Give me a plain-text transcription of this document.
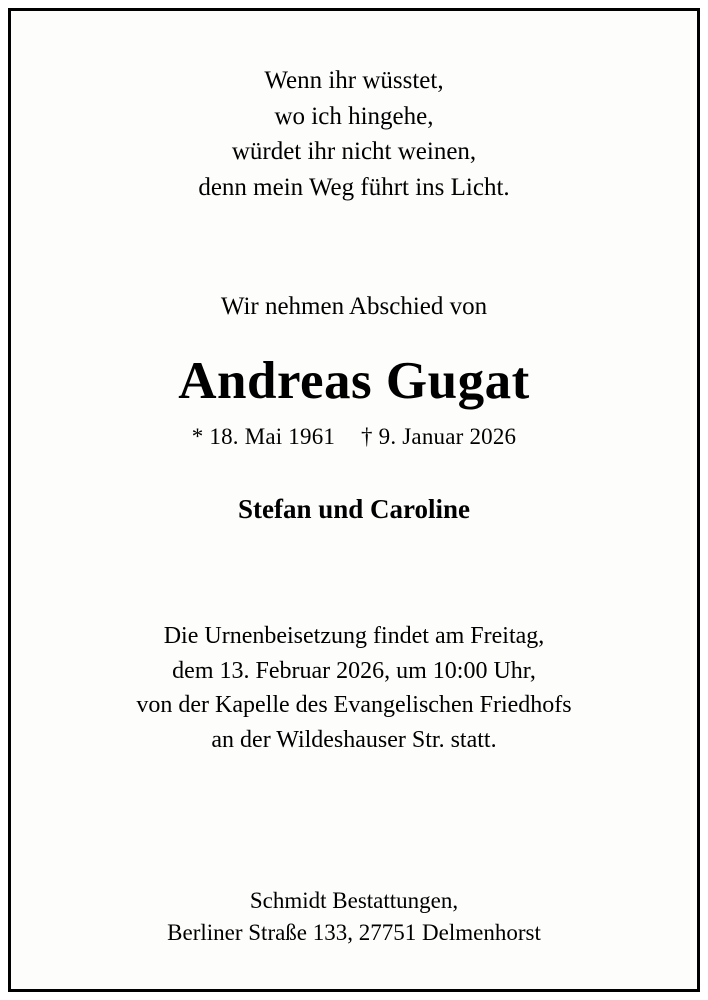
Wenn ihr wüsstet,
wo ich hingehe,
würdet ihr nicht weinen,
denn mein Weg führt ins Licht.
Wir nehmen Abschied von
Andreas Gugat
* 18. Mai 1961 † 9. Januar 2026
Stefan und Caroline
Die Urnenbeisetzung findet am Freitag,
dem 13. Februar 2026, um 10:00 Uhr,
von der Kapelle des Evangelischen Friedhofs
an der Wildeshauser Str. statt.
Schmidt Bestattungen,
Berliner Straße 133, 27751 Delmenhorst
